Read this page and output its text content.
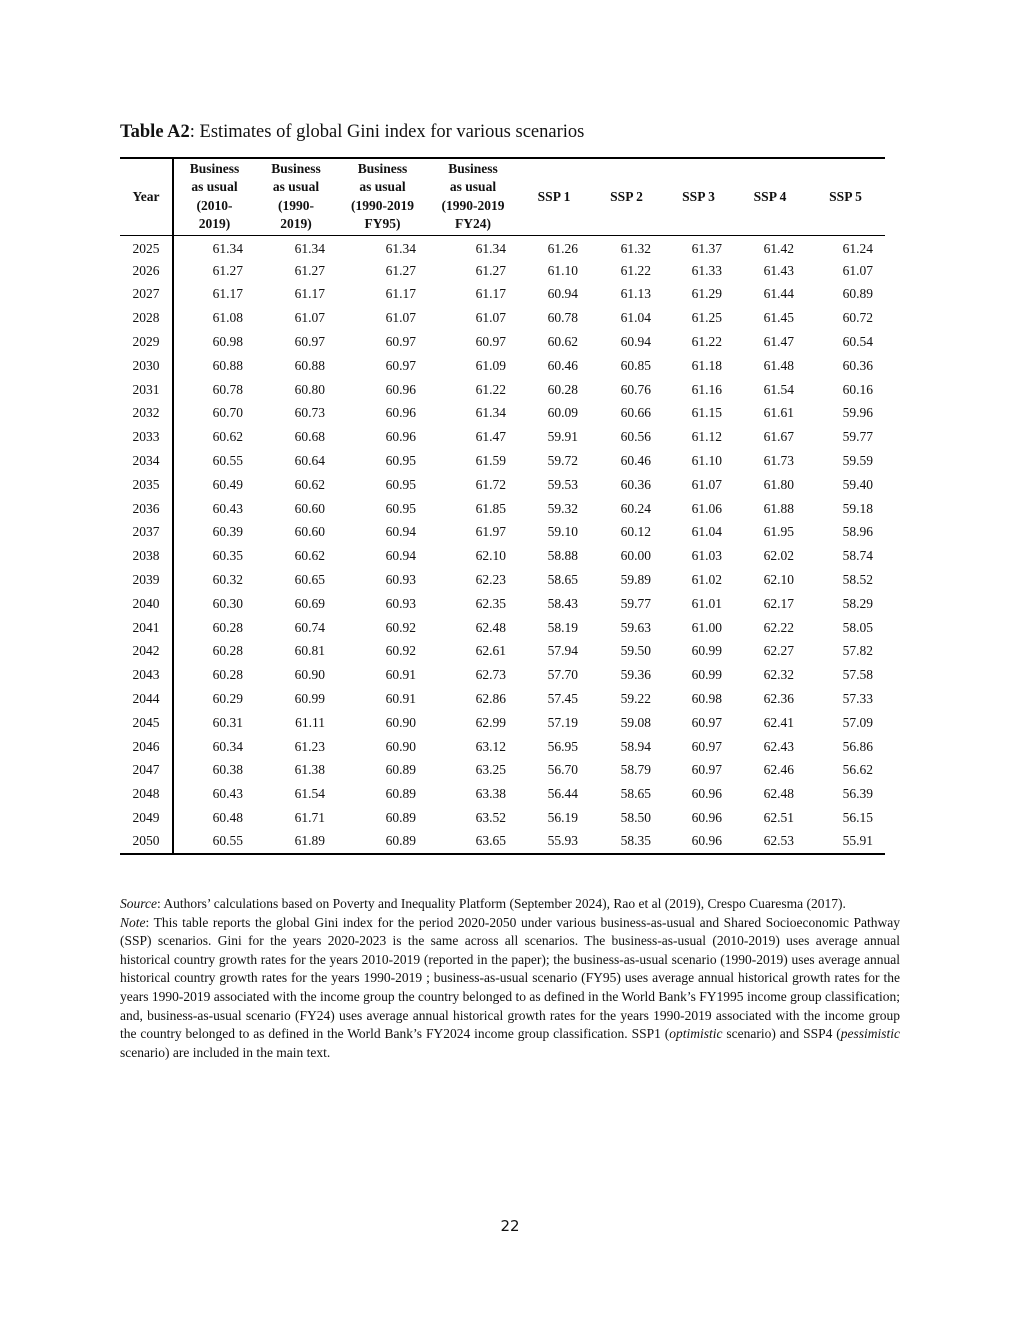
Table A2: Estimates of global Gini index for various scenarios
Year	Business
as usual
(2010-
2019)	Business
as usual
(1990-
2019)	Business
as usual
(1990-2019
FY95)	Business
as usual
(1990-2019
FY24)	SSP 1	SSP 2	SSP 3	SSP 4	SSP 5
2025	61.34	61.34	61.34	61.34	61.26	61.32	61.37	61.42	61.24
2026	61.27	61.27	61.27	61.27	61.10	61.22	61.33	61.43	61.07
2027	61.17	61.17	61.17	61.17	60.94	61.13	61.29	61.44	60.89
2028	61.08	61.07	61.07	61.07	60.78	61.04	61.25	61.45	60.72
2029	60.98	60.97	60.97	60.97	60.62	60.94	61.22	61.47	60.54
2030	60.88	60.88	60.97	61.09	60.46	60.85	61.18	61.48	60.36
2031	60.78	60.80	60.96	61.22	60.28	60.76	61.16	61.54	60.16
2032	60.70	60.73	60.96	61.34	60.09	60.66	61.15	61.61	59.96
2033	60.62	60.68	60.96	61.47	59.91	60.56	61.12	61.67	59.77
2034	60.55	60.64	60.95	61.59	59.72	60.46	61.10	61.73	59.59
2035	60.49	60.62	60.95	61.72	59.53	60.36	61.07	61.80	59.40
2036	60.43	60.60	60.95	61.85	59.32	60.24	61.06	61.88	59.18
2037	60.39	60.60	60.94	61.97	59.10	60.12	61.04	61.95	58.96
2038	60.35	60.62	60.94	62.10	58.88	60.00	61.03	62.02	58.74
2039	60.32	60.65	60.93	62.23	58.65	59.89	61.02	62.10	58.52
2040	60.30	60.69	60.93	62.35	58.43	59.77	61.01	62.17	58.29
2041	60.28	60.74	60.92	62.48	58.19	59.63	61.00	62.22	58.05
2042	60.28	60.81	60.92	62.61	57.94	59.50	60.99	62.27	57.82
2043	60.28	60.90	60.91	62.73	57.70	59.36	60.99	62.32	57.58
2044	60.29	60.99	60.91	62.86	57.45	59.22	60.98	62.36	57.33
2045	60.31	61.11	60.90	62.99	57.19	59.08	60.97	62.41	57.09
2046	60.34	61.23	60.90	63.12	56.95	58.94	60.97	62.43	56.86
2047	60.38	61.38	60.89	63.25	56.70	58.79	60.97	62.46	56.62
2048	60.43	61.54	60.89	63.38	56.44	58.65	60.96	62.48	56.39
2049	60.48	61.71	60.89	63.52	56.19	58.50	60.96	62.51	56.15
2050	60.55	61.89	60.89	63.65	55.93	58.35	60.96	62.53	55.91

Source: Authors’ calculations based on Poverty and Inequality Platform (September 2024), Rao et al (2019), Crespo Cuaresma (2017).

Note: This table reports the global Gini index for the period 2020-2050 under various business-as-usual and Shared Socioeconomic Pathway (SSP) scenarios. Gini for the years 2020-2023 is the same across all scenarios. The business-as-usual (2010-2019) uses average annual historical country growth rates for the years 2010-2019 (reported in the paper); the business-as-usual scenario (1990-2019) uses average annual historical country growth rates for the years 1990-2019 ; business-as-usual scenario (FY95) uses average annual historical growth rates for the years 1990-2019 associated with the income group the country belonged to as defined in the World Bank’s FY1995 income group classification; and, business-as-usual scenario (FY24) uses average annual historical growth rates for the years 1990-2019 associated with the income group the country belonged to as defined in the World Bank’s FY2024 income group classification. SSP1 (optimistic scenario) and SSP4 (pessimistic scenario) are included in the main text.

22
